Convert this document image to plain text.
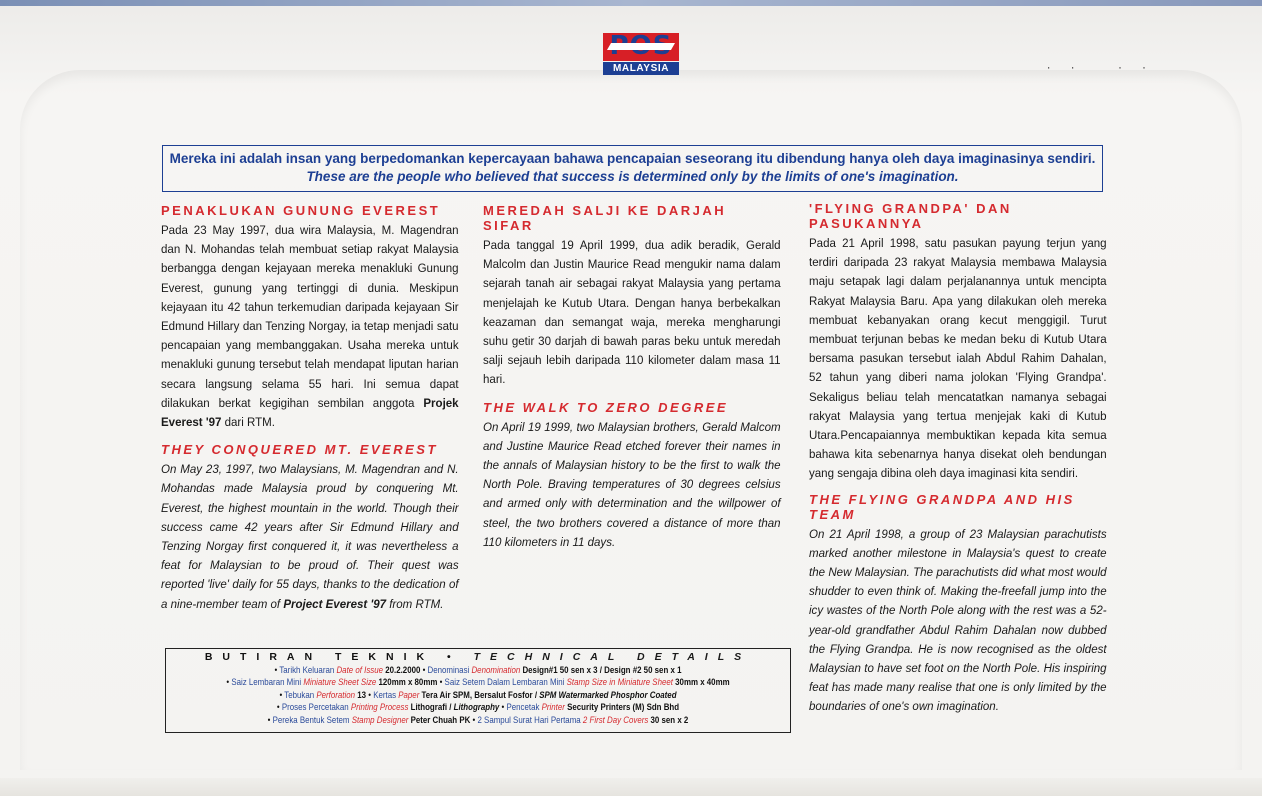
MALAYSIA	·· ··
Mereka ini adalah insan yang berpedomankan kepercayaan bahawa pencapaian seseorang itu dibendung hanya oleh daya imaginasinya sendiri.
These are the people who believed that success is determined only by the limits of one's imagination.
PENAKLUKAN GUNUNG EVEREST

Pada 23 May 1997, dua wira Malaysia, M. Magendran dan N. Mohandas telah membuat setiap rakyat Malaysia berbangga dengan kejayaan mereka menakluki Gunung Everest, gunung yang tertinggi di dunia. Meskipun kejayaan itu 42 tahun terkemudian daripada kejayaan Sir Edmund Hillary dan Tenzing Norgay, ia tetap menjadi satu pencapaian yang membanggakan. Usaha mereka untuk menakluki gunung tersebut telah mendapat liputan harian secara langsung selama 55 hari. Ini semua dapat dilakukan berkat kegigihan sembilan anggota Projek Everest '97 dari RTM.

THEY CONQUERED MT. EVEREST

On May 23, 1997, two Malaysians, M. Magendran and N. Mohandas made Malaysia proud by conquering Mt. Everest, the highest mountain in the world. Though their success came 42 years after Sir Edmund Hillary and Tenzing Norgay first conquered it, it was nevertheless a feat for Malaysian to be proud of. Their quest was reported 'live' daily for 55 days, thanks to the dedication of a nine-member team of Project Everest '97 from RTM.

MEREDAH SALJI KE DARJAH SIFAR

Pada tanggal 19 April 1999, dua adik beradik, Gerald Malcolm dan Justin Maurice Read mengukir nama dalam sejarah tanah air sebagai rakyat Malaysia yang pertama menjelajah ke Kutub Utara. Dengan hanya berbekalkan keazaman dan semangat waja, mereka mengharungi suhu getir 30 darjah di bawah paras beku untuk meredah salji sejauh lebih daripada 110 kilometer dalam masa 11 hari.

THE WALK TO ZERO DEGREE

On April 19 1999, two Malaysian brothers, Gerald Malcom and Justine Maurice Read etched forever their names in the annals of Malaysian history to be the first to walk the North Pole. Braving temperatures of 30 degrees celsius and armed only with determination and the willpower of steel, the two brothers covered a distance of more than 110 kilometers in 11 days.

'FLYING GRANDPA' DAN PASUKANNYA

Pada 21 April 1998, satu pasukan payung terjun yang terdiri daripada 23 rakyat Malaysia membawa Malaysia maju setapak lagi dalam perjalanannya untuk mencipta Rakyat Malaysia Baru. Apa yang dilakukan oleh mereka membuat kebanyakan orang kecut menggigil. Turut membuat terjunan bebas ke medan beku di Kutub Utara bersama pasukan tersebut ialah Abdul Rahim Dahalan, 52 tahun yang diberi nama jolokan 'Flying Grandpa'. Sekaligus beliau telah mencatatkan namanya sebagai rakyat Malaysia yang tertua menjejak kaki di Kutub Utara.Pencapaiannya membuktikan kepada kita semua bahawa kita sebenarnya hanya disekat oleh bendungan yang sengaja dibina oleh daya imaginasi kita sendiri.

THE FLYING GRANDPA AND HIS TEAM

On 21 April 1998, a group of 23 Malaysian parachutists marked another milestone in Malaysia's quest to create the New Malaysian. The parachutists did what most would shudder to even think of. Making the-freefall jump into the icy wastes of the North Pole along with the rest was a 52-year-old grandfather Abdul Rahim Dahalan now dubbed the Flying Grandpa. He is now recognised as the oldest Malaysian to have set foot on the North Pole. His inspiring feat has made many realise that one is only limited by the boundaries of one's own imagination.

BUTIRAN TEKNIK • TECHNICAL DETAILS
• Tarikh Keluaran Date of Issue 20.2.2000 • Denominasi Denomination Design#1 50 sen x 3 / Design #2 50 sen x 1
• Saiz Lembaran Mini Miniature Sheet Size 120mm x 80mm • Saiz Setem Dalam Lembaran Mini Stamp Size in Miniature Sheet 30mm x 40mm
• Tebukan Perforation 13 • Kertas Paper Tera Air SPM, Bersalut Fosfor / SPM Watermarked Phosphor Coated
• Proses Percetakan Printing Process Lithografi / Lithography • Pencetak Printer Security Printers (M) Sdn Bhd
• Pereka Bentuk Setem Stamp Designer Peter Chuah PK • 2 Sampul Surat Hari Pertama 2 First Day Covers 30 sen x 2
